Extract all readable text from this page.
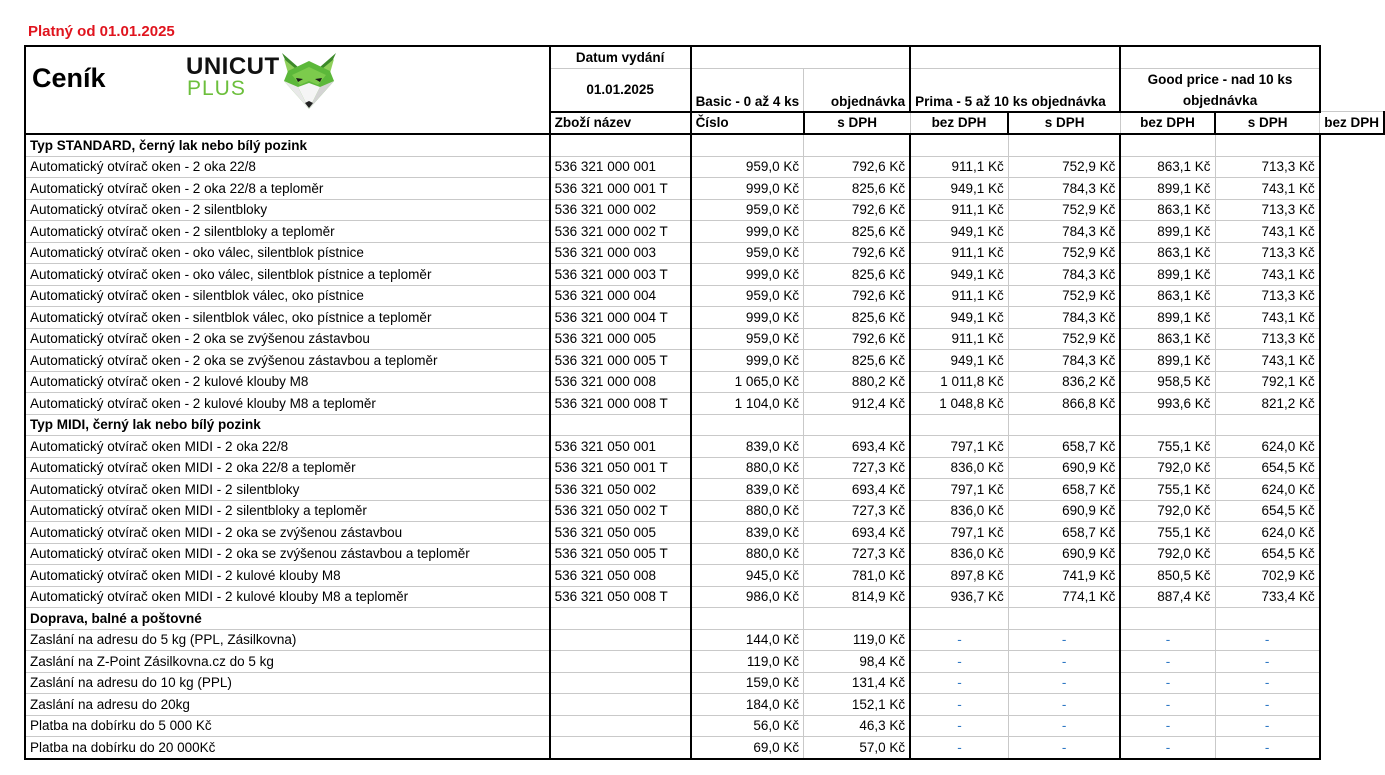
Platný od 01.01.2025
Ceník UNICUT
PLUS	Datum vydání							
	01.01.2025	Basic - 0 až 4 ks	objednávka	Prima - 5 až 10 ks objednávka		Good price - nad 10 ks
objednávka		
	Zboží název	Číslo	s DPH	bez DPH	s DPH	bez DPH	s DPH	bez DPH
Typ STANDARD, černý lak nebo bílý pozink								
Automatický otvírač oken - 2 oka 22/8	536 321 000 001	959,0 Kč	792,6 Kč	911,1 Kč	752,9 Kč	863,1 Kč	713,3 Kč	
Automatický otvírač oken - 2 oka 22/8 a teploměr	536 321 000 001 T	999,0 Kč	825,6 Kč	949,1 Kč	784,3 Kč	899,1 Kč	743,1 Kč	
Automatický otvírač oken - 2 silentbloky	536 321 000 002	959,0 Kč	792,6 Kč	911,1 Kč	752,9 Kč	863,1 Kč	713,3 Kč	
Automatický otvírač oken - 2 silentbloky a teploměr	536 321 000 002 T	999,0 Kč	825,6 Kč	949,1 Kč	784,3 Kč	899,1 Kč	743,1 Kč	
Automatický otvírač oken - oko válec, silentblok pístnice	536 321 000 003	959,0 Kč	792,6 Kč	911,1 Kč	752,9 Kč	863,1 Kč	713,3 Kč	
Automatický otvírač oken - oko válec, silentblok pístnice a teploměr	536 321 000 003 T	999,0 Kč	825,6 Kč	949,1 Kč	784,3 Kč	899,1 Kč	743,1 Kč	
Automatický otvírač oken - silentblok válec, oko pístnice	536 321 000 004	959,0 Kč	792,6 Kč	911,1 Kč	752,9 Kč	863,1 Kč	713,3 Kč	
Automatický otvírač oken - silentblok válec, oko pístnice a teploměr	536 321 000 004 T	999,0 Kč	825,6 Kč	949,1 Kč	784,3 Kč	899,1 Kč	743,1 Kč	
Automatický otvírač oken - 2 oka se zvýšenou zástavbou	536 321 000 005	959,0 Kč	792,6 Kč	911,1 Kč	752,9 Kč	863,1 Kč	713,3 Kč	
Automatický otvírač oken - 2 oka se zvýšenou zástavbou a teploměr	536 321 000 005 T	999,0 Kč	825,6 Kč	949,1 Kč	784,3 Kč	899,1 Kč	743,1 Kč	
Automatický otvírač oken - 2 kulové klouby M8	536 321 000 008	1 065,0 Kč	880,2 Kč	1 011,8 Kč	836,2 Kč	958,5 Kč	792,1 Kč	
Automatický otvírač oken - 2 kulové klouby M8 a teploměr	536 321 000 008 T	1 104,0 Kč	912,4 Kč	1 048,8 Kč	866,8 Kč	993,6 Kč	821,2 Kč	
Typ MIDI, černý lak nebo bílý pozink								
Automatický otvírač oken MIDI - 2 oka 22/8	536 321 050 001	839,0 Kč	693,4 Kč	797,1 Kč	658,7 Kč	755,1 Kč	624,0 Kč	
Automatický otvírač oken MIDI - 2 oka 22/8 a teploměr	536 321 050 001 T	880,0 Kč	727,3 Kč	836,0 Kč	690,9 Kč	792,0 Kč	654,5 Kč	
Automatický otvírač oken MIDI - 2 silentbloky	536 321 050 002	839,0 Kč	693,4 Kč	797,1 Kč	658,7 Kč	755,1 Kč	624,0 Kč	
Automatický otvírač oken MIDI - 2 silentbloky a teploměr	536 321 050 002 T	880,0 Kč	727,3 Kč	836,0 Kč	690,9 Kč	792,0 Kč	654,5 Kč	
Automatický otvírač oken MIDI - 2 oka se zvýšenou zástavbou	536 321 050 005	839,0 Kč	693,4 Kč	797,1 Kč	658,7 Kč	755,1 Kč	624,0 Kč	
Automatický otvírač oken MIDI - 2 oka se zvýšenou zástavbou a teploměr	536 321 050 005 T	880,0 Kč	727,3 Kč	836,0 Kč	690,9 Kč	792,0 Kč	654,5 Kč	
Automatický otvírač oken MIDI - 2 kulové klouby M8	536 321 050 008	945,0 Kč	781,0 Kč	897,8 Kč	741,9 Kč	850,5 Kč	702,9 Kč	
Automatický otvírač oken MIDI - 2 kulové klouby M8 a teploměr	536 321 050 008 T	986,0 Kč	814,9 Kč	936,7 Kč	774,1 Kč	887,4 Kč	733,4 Kč	
Doprava, balné a poštovné								
Zaslání na adresu do 5 kg (PPL, Zásilkovna)		144,0 Kč	119,0 Kč	-	-	-	-	
Zaslání na Z-Point Zásilkovna.cz do 5 kg		119,0 Kč	98,4 Kč	-	-	-	-	
Zaslání na adresu do 10 kg (PPL)		159,0 Kč	131,4 Kč	-	-	-	-	
Zaslání na adresu do 20kg		184,0 Kč	152,1 Kč	-	-	-	-	
Platba na dobírku do 5 000 Kč		56,0 Kč	46,3 Kč	-	-	-	-	
Platba na dobírku do 20 000Kč		69,0 Kč	57,0 Kč	-	-	-	-	
